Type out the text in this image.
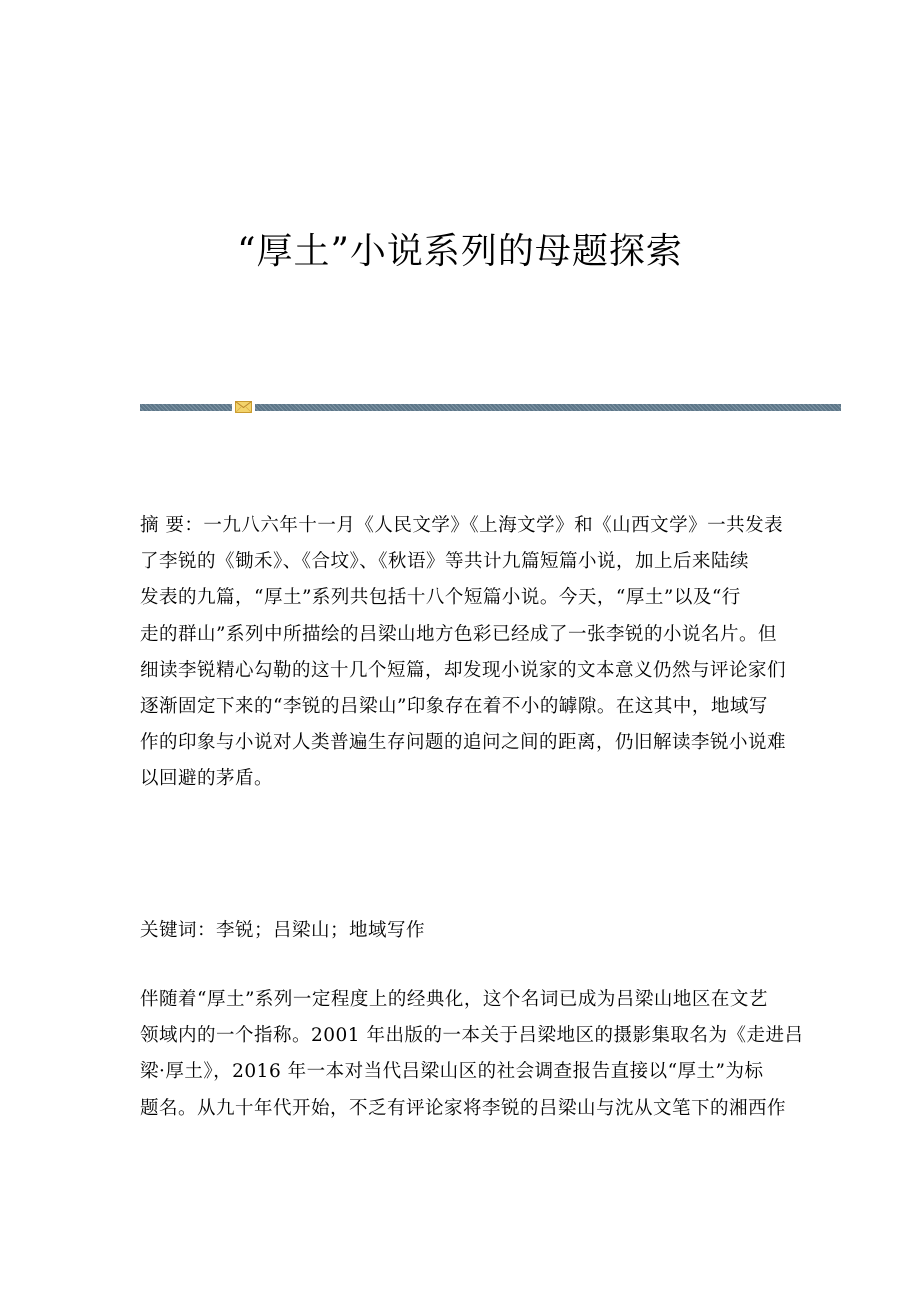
“厚土”小说系列的母题探索
摘 要：一九八六年十一月《人民文学》《上海文学》和《山西文学》一共发表
了李锐的《锄禾》、《合坟》、《秋语》等共计九篇短篇小说，加上后来陆续
发表的九篇，“厚土”系列共包括十八个短篇小说。今天，“厚土”以及“行
走的群山”系列中所描绘的吕梁山地方色彩已经成了一张李锐的小说名片。但
细读李锐精心勾勒的这十几个短篇，却发现小说家的文本意义仍然与评论家们
逐渐固定下来的“李锐的吕梁山”印象存在着不小的罅隙。在这其中，地域写
作的印象与小说对人类普遍生存问题的追问之间的距离，仍旧解读李锐小说难
以回避的茅盾。
关键词：李锐；吕梁山；地域写作
伴随着“厚土”系列一定程度上的经典化，这个名词已成为吕梁山地区在文艺
领域内的一个指称。2001 年出版的一本关于吕梁地区的摄影集取名为《走进吕
梁·厚土》，2016 年一本对当代吕梁山区的社会调查报告直接以“厚土”为标
题名。从九十年代开始，不乏有评论家将李锐的吕梁山与沈从文笔下的湘西作
